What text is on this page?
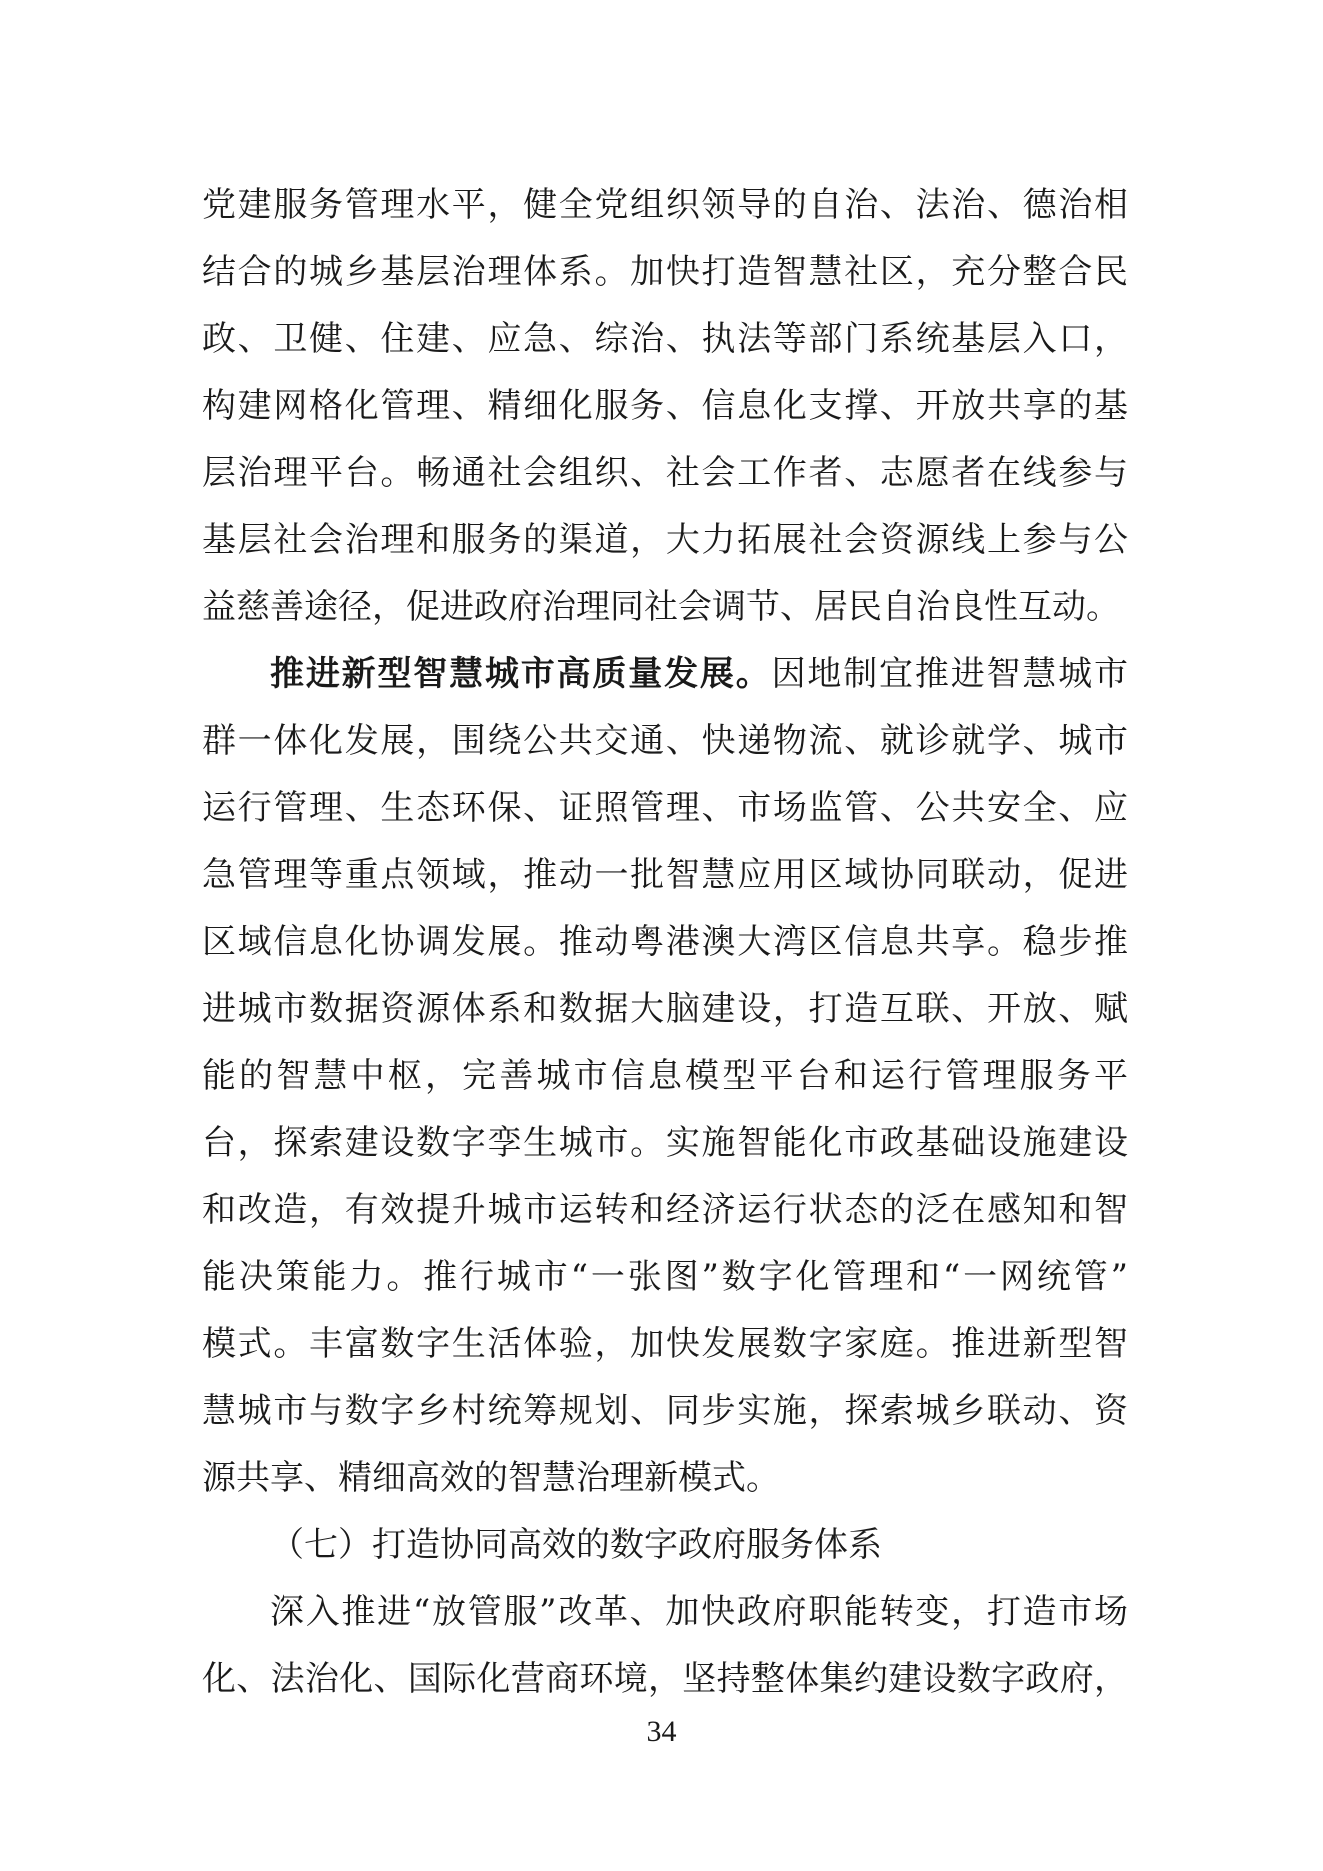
党建服务管理水平，健全党组织领导的自治、法治、德治相
结合的城乡基层治理体系。加快打造智慧社区，充分整合民
政、卫健、住建、应急、综治、执法等部门系统基层入口，
构建网格化管理、精细化服务、信息化支撑、开放共享的基
层治理平台。畅通社会组织、社会工作者、志愿者在线参与
基层社会治理和服务的渠道，大力拓展社会资源线上参与公
益慈善途径，促进政府治理同社会调节、居民自治良性互动。
推进新型智慧城市高质量发展。因地制宜推进智慧城市
群一体化发展，围绕公共交通、快递物流、就诊就学、城市
运行管理、生态环保、证照管理、市场监管、公共安全、应
急管理等重点领域，推动一批智慧应用区域协同联动，促进
区域信息化协调发展。推动粤港澳大湾区信息共享。稳步推
进城市数据资源体系和数据大脑建设，打造互联、开放、赋
能的智慧中枢，完善城市信息模型平台和运行管理服务平
台，探索建设数字孪生城市。实施智能化市政基础设施建设
和改造，有效提升城市运转和经济运行状态的泛在感知和智
能决策能力。推行城市“一张图”数字化管理和“一网统管”
模式。丰富数字生活体验，加快发展数字家庭。推进新型智
慧城市与数字乡村统筹规划、同步实施，探索城乡联动、资
源共享、精细高效的智慧治理新模式。
（七）打造协同高效的数字政府服务体系
深入推进“放管服”改革、加快政府职能转变，打造市场
化、法治化、国际化营商环境，坚持整体集约建设数字政府，
34
